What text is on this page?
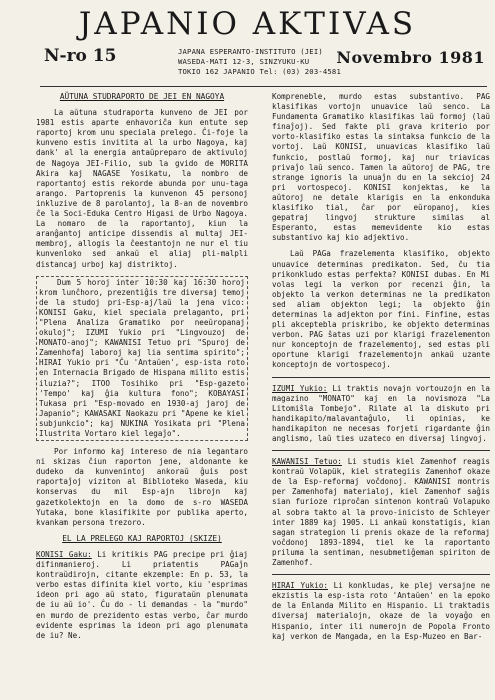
JAPANIO AKTIVAS
N-ro 15	JAPANA ESPERANTO-INSTITUTO (JEI)
WASEDA-MATI 12-3, SINZYUKU-KU
TOKIO 162 JAPANIO Tel: (03) 203-4581
Novembro 1981
AŬTUNA STUDRAPORTO DE JEI EN NAGOYA

La aŭtuna studraporta kunveno de JEI por 1981 estis aparte enhavoriĉa kun entute sep raportoj krom unu speciala prelego. Ĉi-foje la kunveno estis invitita al la urbo Nagoya, kaj dank' al la energia antaŭpreparo de aktivuloj de Nagoya JEI-Filio, sub la gvido de MORITA Akira kaj NAGASE Yosikatu, la nombro de raportantoj estis rekorde abunda por unu-taga arango. Partoprenis la kunvenon 45 personoj inkluzive de 8 parolantoj, la 8-an de novembro ĉe la Soci-Eduka Centro Higasi de Urbo Nagoya. La nomaro de la raportantoj, kiun la aranĝantoj anticipe dissendis al multaj JEI-membroj, allogis la ĉeestantojn ne nur el tiu kunvenloko sed ankaŭ el aliaj pli-malpli distancaj urboj kaj distriktoj.

Dum 5 horoj inter 10:30 kaj 16:30 horoj krom lunĉhoro, prezentiĝis tre diversaj temoj de la studoj pri-Esp-aj/laŭ la jena vico: KONISI Gaku, kiel speciala prelaganto, pri "Plena Analiza Gramatiko por neeŭropanaj okuloj"; IZUMI Yukio pri "Lingvouzoj de MONATO-anoj"; KAWANISI Tetuo pri "Spuroj de Zamenhofaj laboroj kaj lia sentima spirito"; HIRAI Yukio pri "Ĉu 'Antaŭen', esp-ista roto en Internacia Brigado de Hispana milito estis iluzia?"; ITOO Tosihiko pri "Esp-gazeto 'Tempo' kaj ĝia kultura fono"; KOBAYASI Tukasa pri "Esp-movado en 1930-aj jaroj de Japanio"; KAWASAKI Naokazu pri "Apene ke kiel subjunkcio"; kaj NUKINA Yosikata pri "Plena Ilustrita Vortaro kiel legaĵo".

Por informo kaj intereso de nia legantaro ni skizas ĉiun raporton jene, aldonante ke dudeko da kunvenintoj ankoraŭ ĝuis post raportaĵoj viziton al Biblioteko Waseda, kiu konservas du mil Esp-ajn librojn kaj gazetkolektojn en la domo de s-ro WASEDA Yutaka, bone klasifikite por publika aperto, kvankam persona trezoro.

EL LA PRELEGO KAJ RAPORTOJ (SKIZE)

KONISI Gaku: Li kritikis PAG precipe pri ĝiaj difinmanieroj. Li priatentis PAGaĵn kontraŭdirojn, citante ekzemple: En p. 53, la verbo estas difinita kiel vorto, kiu 'esprimas ideon pri ago aŭ stato, figurataŭn plenumata de iu aŭ io'. Ĉu do - li demandas - la "murdo" en murdo de prezidento estas verbo, ĉar murdo evidente esprimas la ideon pri ago plenumata de iu? Ne.

Kompreneble, murdo estas substantivo. PAG klasifikas vortojn unuavice laŭ senco. La Fundamenta Gramatiko klasifikas laŭ formoj (laŭ finaĵoj). Sed fakte pli grava kriterio por vorto-klasifiko estas la sintaksa funkcio de la vortoj. Laŭ KONISI, unuavicas klasifiko laŭ funkcio, postlaŭ formoj, kaj nur triavicas privaĵo laŭ senco. Tamen la aŭtoroj de PAG, tre strange ignoris la unuaĵn du en la sekcioj 24 pri vortospecoj. KONISI konjektas, ke la aŭtoroj ne detale klarigis en la enkonduka klasifiko tial, ĉar por eŭropanoj, kies gepatraj lingvoj strukture similas al Esperanto, estas memevidente kio estas substantivo kaj kio adjektivo.

Laŭ PAGa frazelementa klasifiko, objekto unuavice determinas predikaton. Sed, ĉu tia prikonkludo estas perfekta? KONISI dubas. En Mi volas legi la verkon por recenzi ĝin, la objekto la verkon determinas ne la predikaton sed aliam objekton legi; la objekto ĝin determinas la adjekton por fini. Finfine, estas pli akceptebla priskribo, ke objekto determinas verbon. PAG ŝatas uzi por klarigi frazelementon nur konceptojn de frazelementoj, sed estas pli oportune klarigi frazelementojn ankaŭ uzante konceptojn de vortospecoj.

IZUMI Yukio: Li traktis novajn vortouzojn en la magazino "MONATO" kaj en la novismoza "La Litomiŝla Tombejo". Rilate al la diskuto pri handikapito/malavantaĝulo, li opinias, ke handikapiton ne necesas forjeti rigardante ĝin anglismo, laŭ ties uzateco en diversaj lingvoj.

KAWANISI Tetuo: Li studis kiel Zamenhof reagis kontraŭ Volapük, kiel strategiis Zamenhof okaze de la Esp-reformaj voĉdonoj. KAWANISI montris per Zamenhofaj materialoj, kiel Zamenhof saĝis sian furioze riproĉan sintenon kontraŭ Volapuko al sobra takto al la provo-inicisto de Schleyer inter 1889 kaj 1905. Li ankaŭ konstatigis, kian sagan strategion li prenis okaze de la reformaj voĉdonoj 1893-1894, tiel ke la raportanto priluma la sentiman, nesubmetiĝeman spiriton de Zamenhof.

HIRAI Yukio: Li konkludas, ke plej versajne ne ekzistis la esp-ista roto 'Antaŭen' en la epoko de la Enlanda Milito en Hispanio. Li traktadis diversaj materialojn, okaze de la voyaĝo en Hispanio, inter ili numerojn de Popola Fronto kaj verkon de Mangada, en la Esp-Muzeo en Bar-
